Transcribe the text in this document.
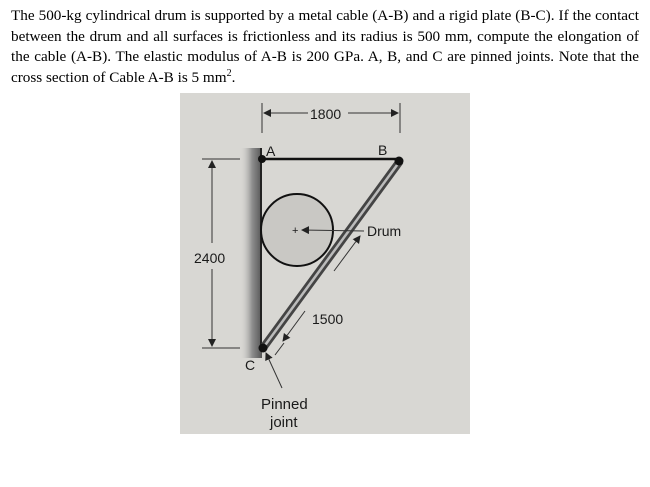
The 500-kg cylindrical drum is supported by a metal cable (A-B) and a rigid plate (B-C). If the contact between the drum and all surfaces is frictionless and its radius is 500 mm, compute the elongation of the cable (A-B). The elastic modulus of A-B is 200 GPa. A, B, and C are pinned joints. Note that the cross section of Cable A-B is 5 $mm^2$.
+
1800
2400
1500
Drum
A	B
C
Pinned
joint
